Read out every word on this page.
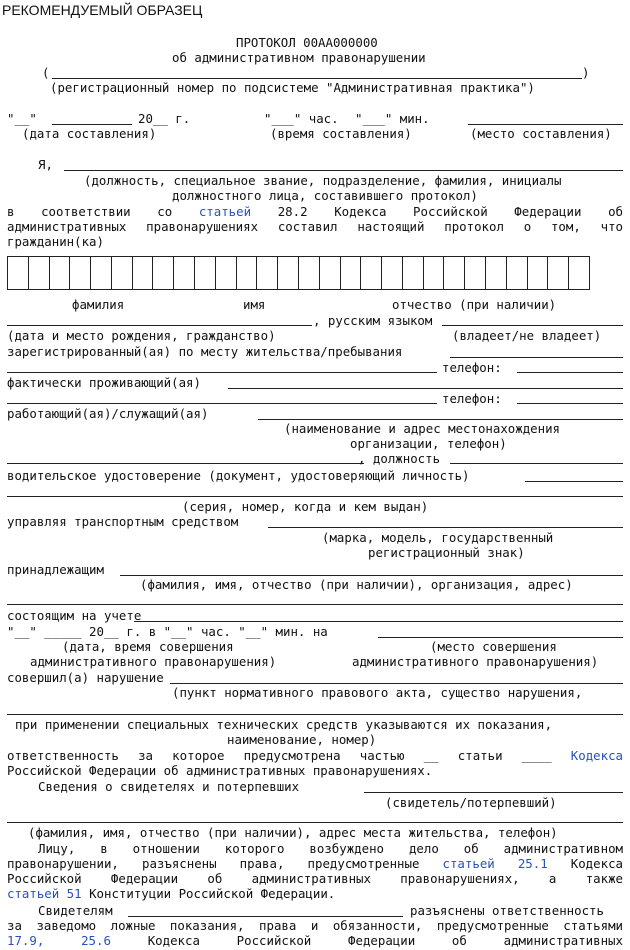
РЕКОМЕНДУЕМЫЙ ОБРАЗЕЦ
ПРОТОКОЛ 00АА000000
об административном правонарушении
(	)
(регистрационный номер по подсистеме "Административная практика")
"__"	20__ г.	"___" час. "___" мин.
(дата составления)	(время составления)	(место составления)
Я,
(должность, специальное звание, подразделение, фамилия, инициалы
должностного лица, составившего протокол)
в соответствии со статьей 28.2 Кодекса Российской Федерации об
административных правонарушениях составил настоящий протокол о том, что
гражданин(ка)
фамилия	имя	отчество (при наличии)
, русским языком
(дата и место рождения, гражданство)	(владеет/не владеет)
зарегистрированный(ая) по месту жительства/пребывания
телефон:
фактически проживающий(ая)
телефон:
работающий(ая)/служащий(ая)
(наименование и адрес местонахождения
организации, телефон)
, должность
водительское удостоверение (документ, удостоверяющий личность)
(серия, номер, когда и кем выдан)
управляя транспортным средством
(марка, модель, государственный
регистрационный знак)
принадлежащим
(фамилия, имя, отчество (при наличии), организация, адрес)
состоящим на учете
"__" _____ 20__ г. в "__" час. "__" мин. на
(дата, время совершения
административного правонарушения)
(место совершения
административного правонарушения)
совершил(а) нарушение
(пункт нормативного правового акта, существо нарушения,
при применении специальных технических средств указываются их показания,
наименование, номер)
ответственность за которое предусмотрена частью __ статьи ____ Кодекса
Российской Федерации об административных правонарушениях.
Сведения о свидетелях и потерпевших
(свидетель/потерпевший)
(фамилия, имя, отчество (при наличии), адрес места жительства, телефон)
Лицу, в отношении которого возбуждено дело об административном
правонарушении, разъяснены права, предусмотренные статьей 25.1 Кодекса
Российской Федерации об административных правонарушениях, а также
статьей 51 Конституции Российской Федерации.
Свидетелям	разъяснены ответственность
за заведомо ложные показания, права и обязанности, предусмотренные статьями
17.9,	25.6	Кодекса Российской Федерации об административных
